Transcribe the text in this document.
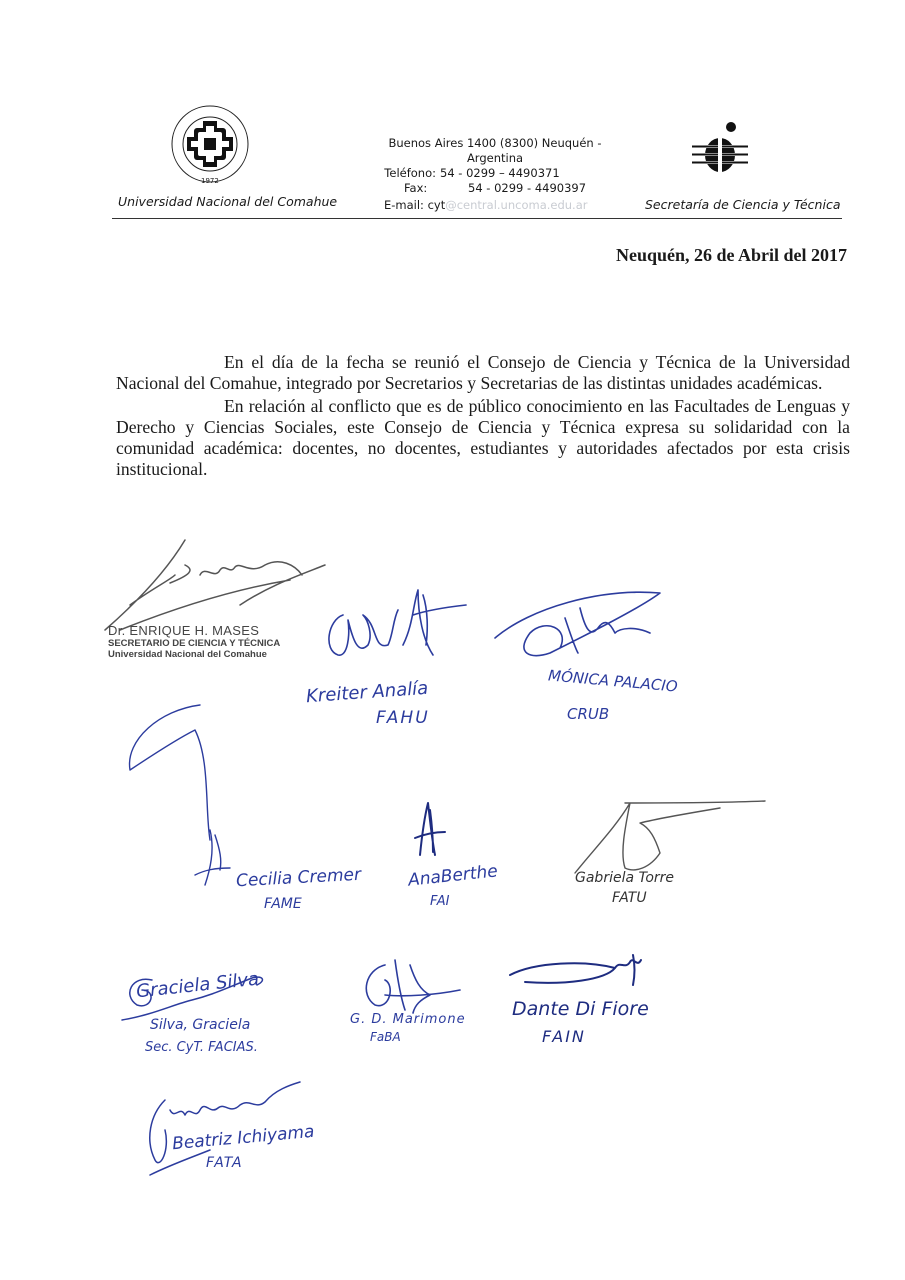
1972
Universidad Nacional del Comahue
Buenos Aires 1400 (8300) Neuquén -
Argentina
Teléfono: 54 - 0299 – 4490371
Fax:	54 - 0299 - 4490397
E-mail: cyt@central.uncoma.edu.ar	Secretaría de Ciencia y Técnica
Neuquén, 26 de Abril del 2017

En el día de la fecha se reunió el Consejo de Ciencia y Técnica de la Universidad Nacional del Comahue, integrado por Secretarios y Secretarias de las distintas unidades académicas.

En relación al conflicto que es de público conocimiento en las Facultades de Lenguas y Derecho y Ciencias Sociales, este Consejo de Ciencia y Técnica expresa su solidaridad con la comunidad académica: docentes, no docentes, estudiantes y autoridades afectados por esta crisis institucional.

Dr. ENRIQUE H. MASES
SECRETARIO DE CIENCIA Y TÉCNICA
Universidad Nacional del Comahue
Kreiter Analía
FAHU
MÓNICA PALACIO
CRUB
Cecilia Cremer
FAME
AnaBerthe
FAI
Gabriela Torre
FATU
Graciela Silva
Silva, Graciela
Sec. CyT. FACIAS.
G. D. Marimone
FaBA
Dante Di Fiore
FAIN
Beatriz Ichiyama
FATA
